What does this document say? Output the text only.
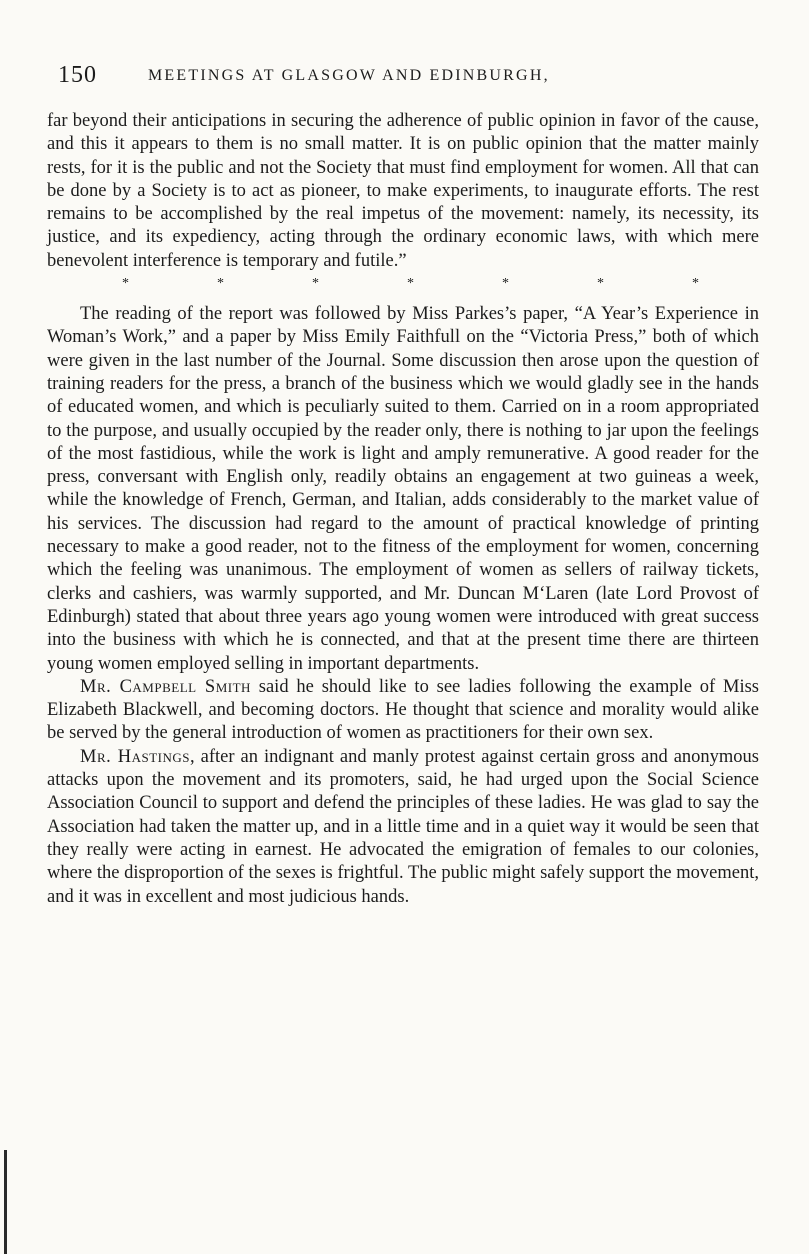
150	MEETINGS AT GLASGOW AND EDINBURGH,

far beyond their anticipations in securing the adherence of public opinion in favor of the cause, and this it appears to them is no small matter. It is on public opinion that the matter mainly rests, for it is the public and not the Society that must find employment for women. All that can be done by a Society is to act as pioneer, to make experiments, to inaugurate efforts. The rest remains to be accomplished by the real impetus of the movement: namely, its necessity, its justice, and its expediency, acting through the ordinary economic laws, with which mere benevolent interference is temporary and futile.”

*	*	*	*	*	*	*

The reading of the report was followed by Miss Parkes’s paper, “A Year’s Experience in Woman’s Work,” and a paper by Miss Emily Faithfull on the “Victoria Press,” both of which were given in the last number of the Journal. Some discussion then arose upon the question of training readers for the press, a branch of the business which we would gladly see in the hands of educated women, and which is peculiarly suited to them. Carried on in a room appropriated to the purpose, and usually occupied by the reader only, there is nothing to jar upon the feelings of the most fastidious, while the work is light and amply remunerative. A good reader for the press, conversant with English only, readily obtains an engagement at two guineas a week, while the knowledge of French, German, and Italian, adds considerably to the market value of his services. The discussion had regard to the amount of practical knowledge of printing necessary to make a good reader, not to the fitness of the employment for women, concerning which the feeling was unanimous. The employment of women as sellers of railway tickets, clerks and cashiers, was warmly supported, and Mr. Duncan M‘Laren (late Lord Provost of Edinburgh) stated that about three years ago young women were introduced with great success into the business with which he is connected, and that at the present time there are thirteen young women employed selling in important departments.

Mr. Campbell Smith said he should like to see ladies following the example of Miss Elizabeth Blackwell, and becoming doctors. He thought that science and morality would alike be served by the general introduction of women as practitioners for their own sex.

Mr. Hastings, after an indignant and manly protest against certain gross and anonymous attacks upon the movement and its promoters, said, he had urged upon the Social Science Association Council to support and defend the principles of these ladies. He was glad to say the Association had taken the matter up, and in a little time and in a quiet way it would be seen that they really were acting in earnest. He advocated the emigration of females to our colonies, where the disproportion of the sexes is frightful. The public might safely support the movement, and it was in excellent and most judicious hands.
